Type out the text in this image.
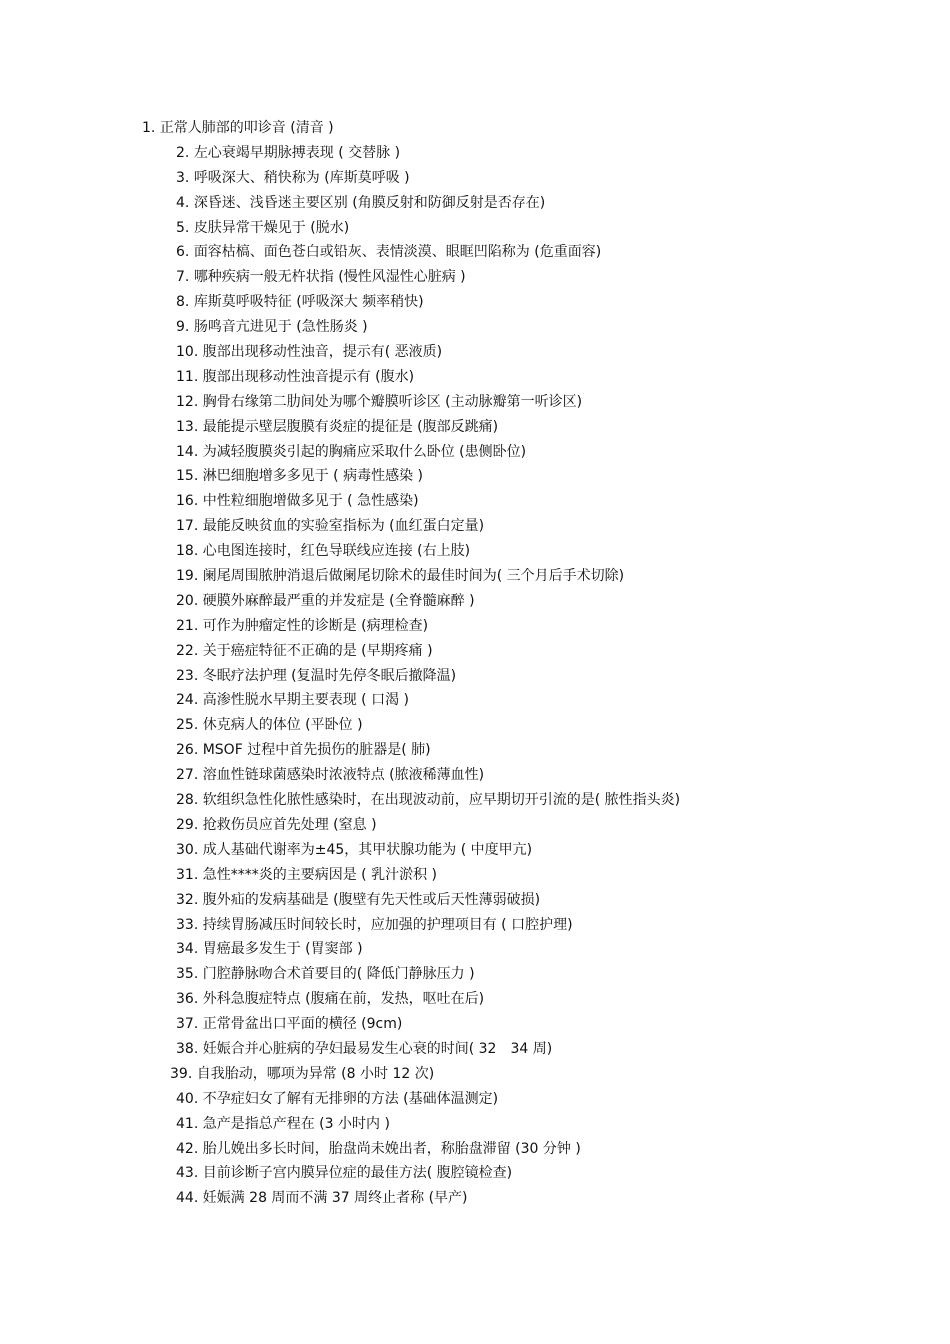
1. 正常人肺部的叩诊音 (清音 )
2. 左心衰竭早期脉搏表现 ( 交替脉 )
3. 呼吸深大、稍快称为 (库斯莫呼吸 )
4. 深昏迷、浅昏迷主要区别 (角膜反射和防御反射是否存在)
5. 皮肤异常干燥见于 (脱水)
6. 面容枯槁、面色苍白或铅灰、表情淡漠、眼眶凹陷称为 (危重面容)
7. 哪种疾病一般无杵状指 (慢性风湿性心脏病 )
8. 库斯莫呼吸特征 (呼吸深大 频率稍快)
9. 肠鸣音亢进见于 (急性肠炎 )
10. 腹部出现移动性浊音，提示有( 恶液质)
11. 腹部出现移动性浊音提示有 (腹水)
12. 胸骨右缘第二肋间处为哪个瓣膜听诊区 (主动脉瓣第一听诊区)
13. 最能提示壁层腹膜有炎症的提征是 (腹部反跳痛)
14. 为减轻腹膜炎引起的胸痛应采取什么卧位 (患侧卧位)
15. 淋巴细胞增多多见于 ( 病毒性感染 )
16. 中性粒细胞增做多见于 ( 急性感染)
17. 最能反映贫血的实验室指标为 (血红蛋白定量)
18. 心电图连接时，红色导联线应连接 (右上肢)
19. 阑尾周围脓肿消退后做阑尾切除术的最佳时间为( 三个月后手术切除)
20. 硬膜外麻醉最严重的并发症是 (全脊髓麻醉 )
21. 可作为肿瘤定性的诊断是 (病理检查)
22. 关于癌症特征不正确的是 (早期疼痛 )
23. 冬眠疗法护理 (复温时先停冬眠后撤降温)
24. 高渗性脱水早期主要表现 ( 口渴 )
25. 休克病人的体位 (平卧位 )
26. MSOF 过程中首先损伤的脏器是( 肺)
27. 溶血性链球菌感染时浓液特点 (脓液稀薄血性)
28. 软组织急性化脓性感染时，在出现波动前，应早期切开引流的是( 脓性指头炎)
29. 抢救伤员应首先处理 (窒息 )
30. 成人基础代谢率为±45，其甲状腺功能为 ( 中度甲亢)
31. 急性****炎的主要病因是 ( 乳汁淤积 )
32. 腹外疝的发病基础是 (腹壁有先天性或后天性薄弱破损)
33. 持续胃肠减压时间较长时，应加强的护理项目有 ( 口腔护理)
34. 胃癌最多发生于 (胃窦部 )
35. 门腔静脉吻合术首要目的( 降低门静脉压力 )
36. 外科急腹症特点 (腹痛在前，发热，呕吐在后)
37. 正常骨盆出口平面的横径 (9cm)
38. 妊娠合并心脏病的孕妇最易发生心衰的时间( 32　34 周)
39. 自我胎动，哪项为异常 (8 小时 12 次)
40. 不孕症妇女了解有无排卵的方法 (基础体温测定)
41. 急产是指总产程在 (3 小时内 )
42. 胎儿娩出多长时间，胎盘尚未娩出者，称胎盘滞留 (30 分钟 )
43. 目前诊断子宫内膜异位症的最佳方法( 腹腔镜检查)
44. 妊娠满 28 周而不满 37 周终止者称 (早产)
